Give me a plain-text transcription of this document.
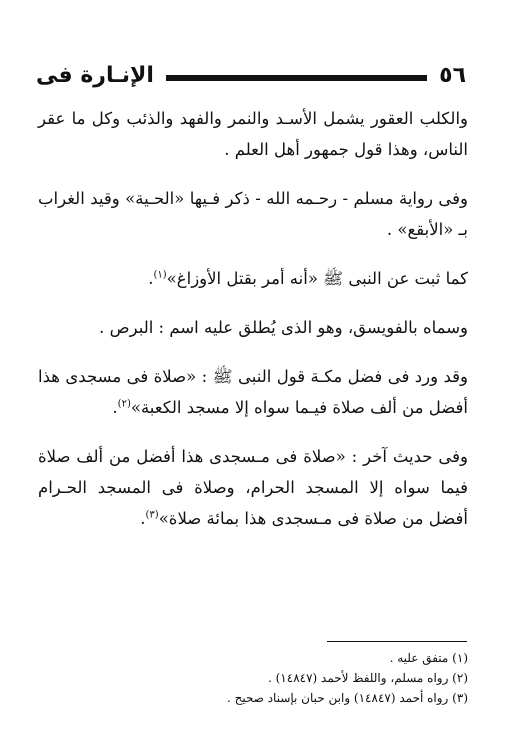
٥٦
الإنـارة فى

والكلب العقور يشمل الأسـد والنمر والفهد والذئب وكل ما عقر الناس، وهذا قول جمهور أهل العلم .

وفى رواية مسلم - رحـمه الله - ذكر فـيها «الحـية» وقيد الغراب بـ «الأبقع» .

كما ثبت عن النبى ﷺ «أنه أمر بقتل الأوزاغ»$^{(١)}$.

وسماه بالفويسق، وهو الذى يُطلق عليه اسم : البرص .

وقد ورد فى فضل مكـة قول النبى ﷺ : «صلاة فى مسجدى هذا أفضل من ألف صلاة فيـما سواه إلا مسجد الكعبة»$^{(٢)}$.

وفى حديث آخر : «صلاة فى مـسجدى هذا أفضل من ألف صلاة فيما سواه إلا المسجد الحرام، وصلاة فى المسجد الحـرام أفضل من صلاة فى مـسجدى هذا بمائة صلاة»$^{(٣)}$.

(١) متفق عليه .

(٢) رواه مسلم، واللفظ لأحمد (١٤٨٤٧) .

(٣) رواه أحمد (١٤٨٤٧) وابن حبان بإسناد صحيح .
